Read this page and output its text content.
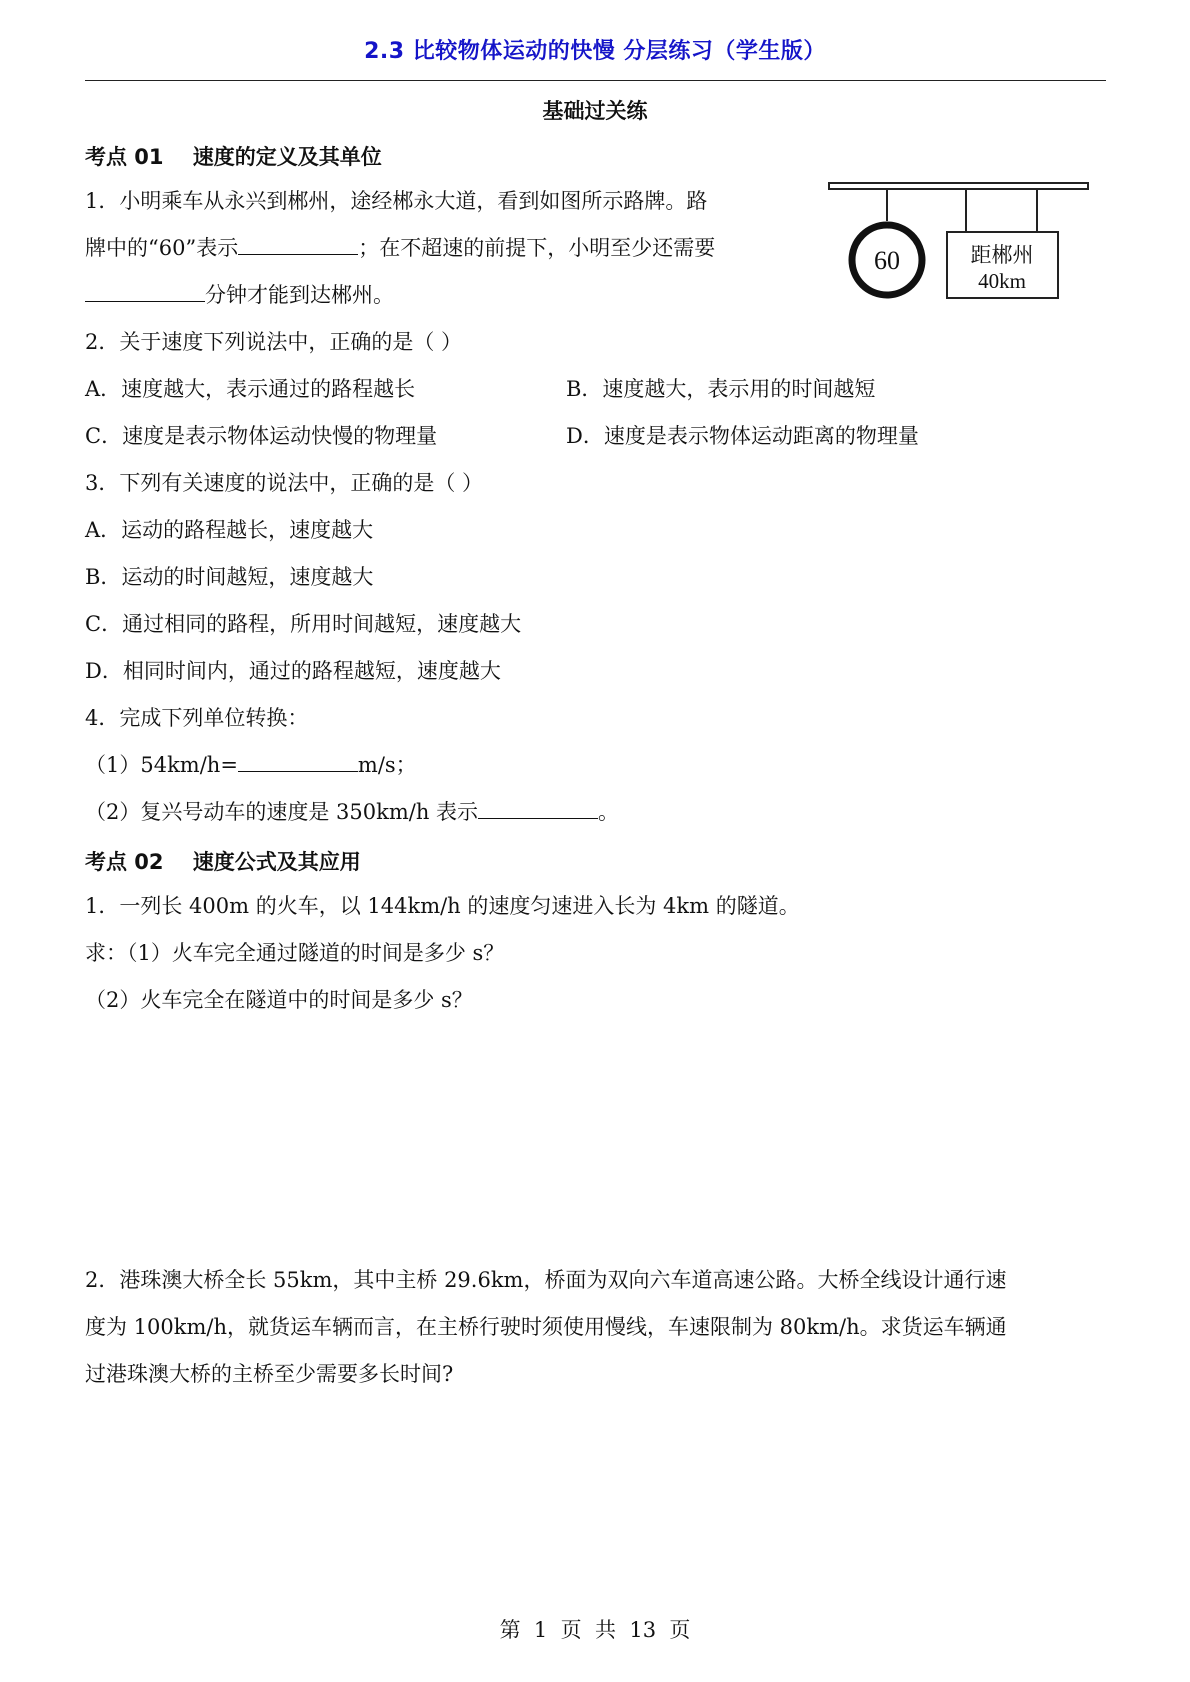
2.3 比较物体运动的快慢 分层练习（学生版）
基础过关练
考点 01    速度的定义及其单位
1．小明乘车从永兴到郴州，途经郴永大道，看到如图所示路牌。路
牌中的“60”表示	；在不超速的前提下，小明至少还需要
分钟才能到达郴州。
60	距郴州
40km
2．关于速度下列说法中，正确的是（ ）
A．速度越大，表示通过的路程越长	B．速度越大，表示用的时间越短
C．速度是表示物体运动快慢的物理量	D．速度是表示物体运动距离的物理量
3．下列有关速度的说法中，正确的是（ ）
A．运动的路程越长，速度越大
B．运动的时间越短，速度越大
C．通过相同的路程，所用时间越短，速度越大
D．相同时间内，通过的路程越短，速度越大
4．完成下列单位转换：
（1）54km/h=	m/s；
（2）复兴号动车的速度是 350km/h 表示	。
考点 02    速度公式及其应用
1．一列长 400m 的火车，以 144km/h 的速度匀速进入长为 4km 的隧道。
求：（1）火车完全通过隧道的时间是多少 s？
（2）火车完全在隧道中的时间是多少 s？
2．港珠澳大桥全长 55km，其中主桥 29.6km，桥面为双向六车道高速公路。大桥全线设计通行速
度为 100km/h，就货运车辆而言，在主桥行驶时须使用慢线，车速限制为 80km/h。求货运车辆通
过港珠澳大桥的主桥至少需要多长时间?
第  1  页  共  13  页
